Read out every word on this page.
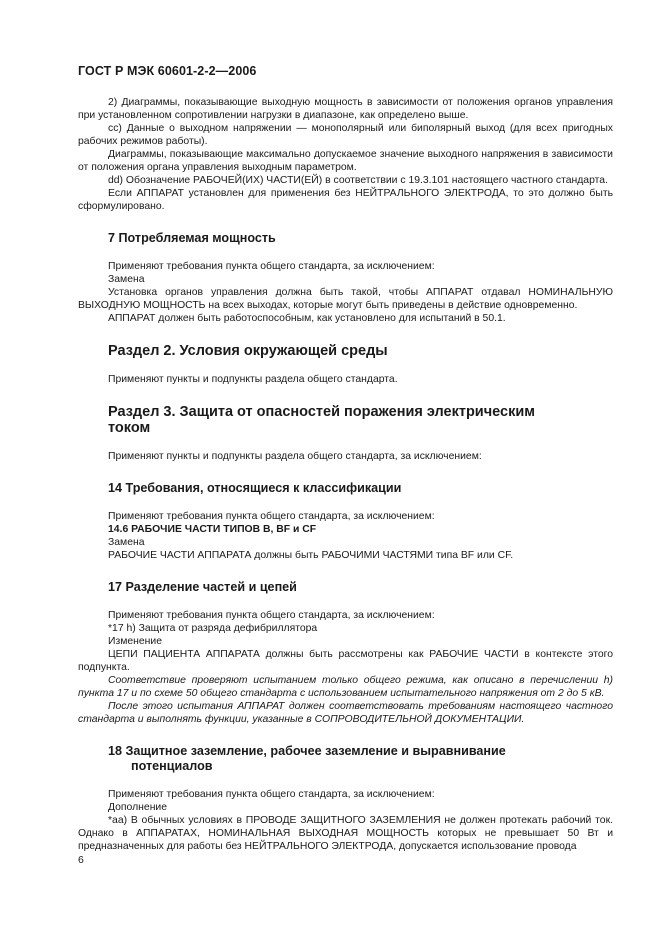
ГОСТ Р МЭК 60601-2-2—2006

2) Диаграммы, показывающие выходную мощность в зависимости от положения органов управления при установленном сопротивлении нагрузки в диапазоне, как определено выше.

cc) Данные о выходном напряжении — монополярный или биполярный выход (для всех пригодных рабочих режимов работы).

Диаграммы, показывающие максимально допускаемое значение выходного напряжения в зависимости от положения органа управления выходным параметром.

dd) Обозначение РАБОЧЕЙ(ИХ) ЧАСТИ(ЕЙ) в соответствии с 19.3.101 настоящего частного стандарта.

Если АППАРАТ установлен для применения без НЕЙТРАЛЬНОГО ЭЛЕКТРОДА, то это должно быть сформулировано.

7 Потребляемая мощность

Применяют требования пункта общего стандарта, за исключением:

Замена

Установка органов управления должна быть такой, чтобы АППАРАТ отдавал НОМИНАЛЬНУЮ ВЫХОДНУЮ МОЩНОСТЬ на всех выходах, которые могут быть приведены в действие одновременно.

АППАРАТ должен быть работоспособным, как установлено для испытаний в 50.1.

Раздел 2. Условия окружающей среды

Применяют пункты и подпункты раздела общего стандарта.

Раздел 3. Защита от опасностей поражения электрическим
током

Применяют пункты и подпункты раздела общего стандарта, за исключением:

14 Требования, относящиеся к классификации

Применяют требования пункта общего стандарта, за исключением:

14.6 РАБОЧИЕ ЧАСТИ ТИПОВ B, BF и CF

Замена

РАБОЧИЕ ЧАСТИ АППАРАТА должны быть РАБОЧИМИ ЧАСТЯМИ типа BF или CF.

17 Разделение частей и цепей

Применяют требования пункта общего стандарта, за исключением:

*17 h) Защита от разряда дефибриллятора

Изменение

ЦЕПИ ПАЦИЕНТА АППАРАТА должны быть рассмотрены как РАБОЧИЕ ЧАСТИ в контексте этого подпункта.

Соответствие проверяют испытанием только общего режима, как описано в перечислении h) пункта 17 и по схеме 50 общего стандарта с использованием испытательного напряжения от 2 до 5 кВ.

После этого испытания АППАРАТ должен соответствовать требованиям настоящего частного стандарта и выполнять функции, указанные в СОПРОВОДИТЕЛЬНОЙ ДОКУМЕНТАЦИИ.

18 Защитное заземление, рабочее заземление и выравнивание
потенциалов

Применяют требования пункта общего стандарта, за исключением:

Дополнение

*aa) В обычных условиях в ПРОВОДЕ ЗАЩИТНОГО ЗАЗЕМЛЕНИЯ не должен протекать рабочий ток. Однако в АППАРАТАХ, НОМИНАЛЬНАЯ ВЫХОДНАЯ МОЩНОСТЬ которых не превышает 50 Вт и предназначенных для работы без НЕЙТРАЛЬНОГО ЭЛЕКТРОДА, допускается использование провода

6
